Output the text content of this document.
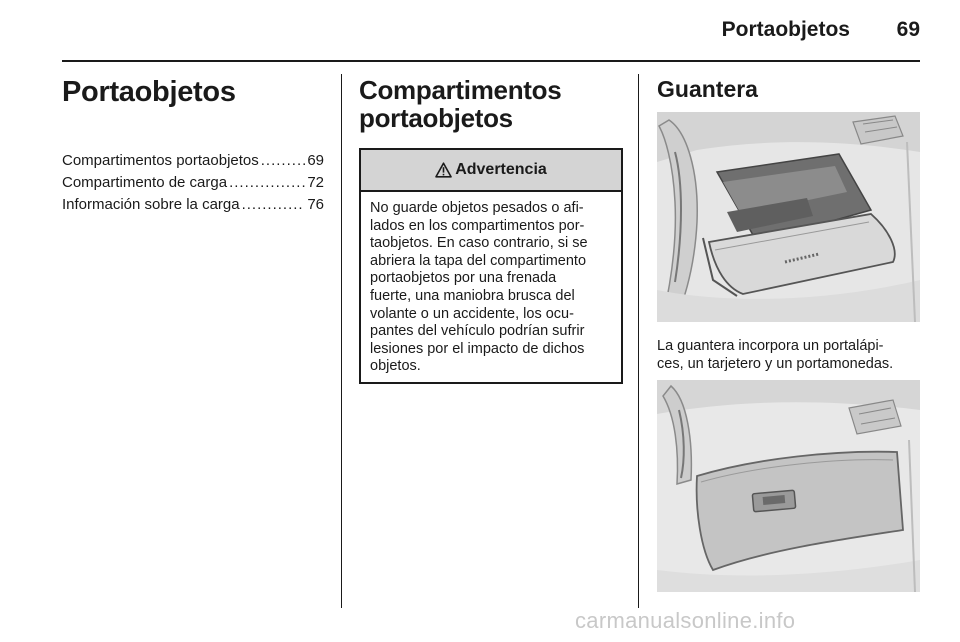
Portaobjetos	69
Portaobjetos
Compartimentos portaobjetos .....	69
Compartimento de carga .....	72
Información sobre la carga .....	76
Compartimentos
portaobjetos
Advertencia
No guarde objetos pesados o afi-
lados en los compartimentos por-
taobjetos. En caso contrario, si se
abriera la tapa del compartimento
portaobjetos por una frenada
fuerte, una maniobra brusca del
volante o un accidente, los ocu-
pantes del vehículo podrían sufrir
lesiones por el impacto de dichos
objetos.
Guantera
La guantera incorpora un portalápi-
ces, un tarjetero y un portamonedas.
carmanualsonline.info
